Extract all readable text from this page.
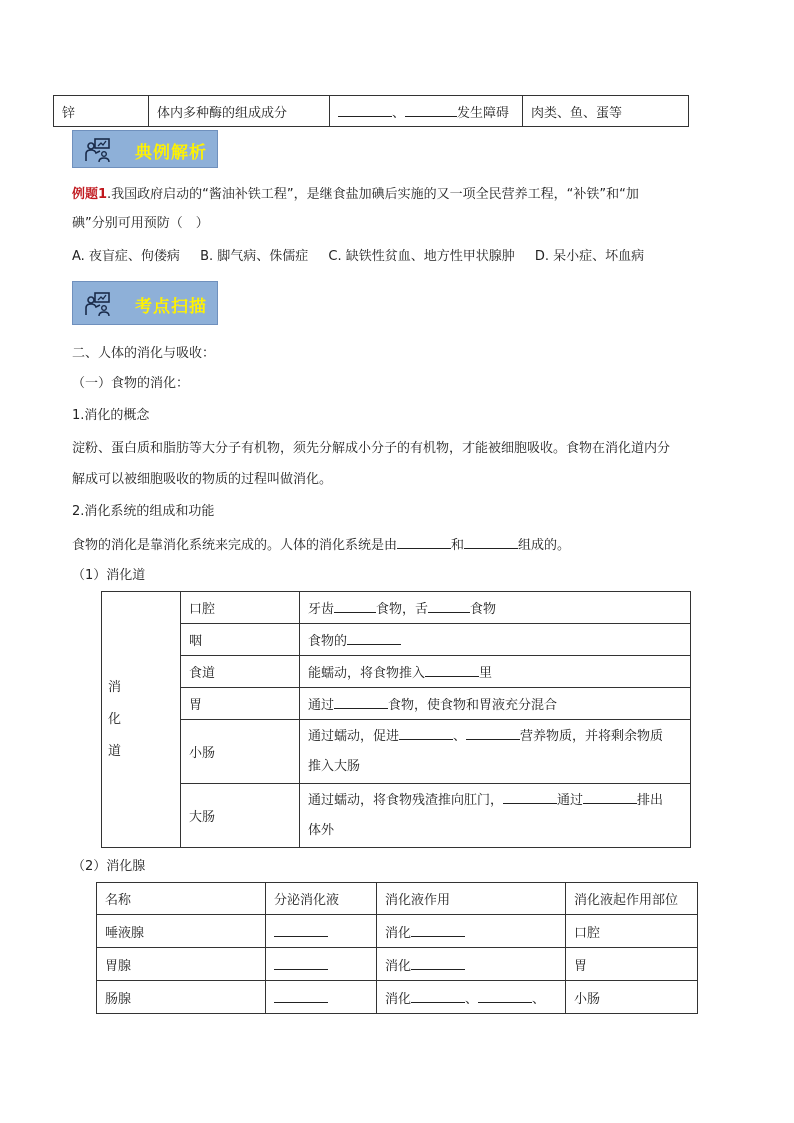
锌	体内多种酶的组成成分	、	发生障碍	肉类、鱼、蛋等
典例解析
例题1.我国政府启动的“酱油补铁工程”，是继食盐加碘后实施的又一项全民营养工程，“补铁”和“加
碘”分别可用预防（　）
A. 夜盲症、佝偻病 B. 脚气病、侏儒症 C. 缺铁性贫血、地方性甲状腺肿 D. 呆小症、坏血病
考点扫描
二、人体的消化与吸收：
（一）食物的消化：
1.消化的概念
淀粉、蛋白质和脂肪等大分子有机物，须先分解成小分子的有机物，才能被细胞吸收。食物在消化道内分
解成可以被细胞吸收的物质的过程叫做消化。
2.消化系统的组成和功能
食物的消化是靠消化系统来完成的。人体的消化系统是由	和	组成的。
（1）消化道
消
化
道	口腔	牙齿 食物，舌 食物
	咽	食物的
	食道	能蠕动，将食物推入 里
	胃	通过 食物，使食物和胃液充分混合
	小肠	通过蠕动，促进 、 营养物质，并将剩余物质
推入大肠
	大肠	通过蠕动，将食物残渣推向肛门， 通过 排出
体外
（2）消化腺
名称	分泌消化液	消化液作用	消化液起作用部位
唾液腺		消化	口腔
胃腺		消化	胃
肠腺		消化 、 、	小肠
